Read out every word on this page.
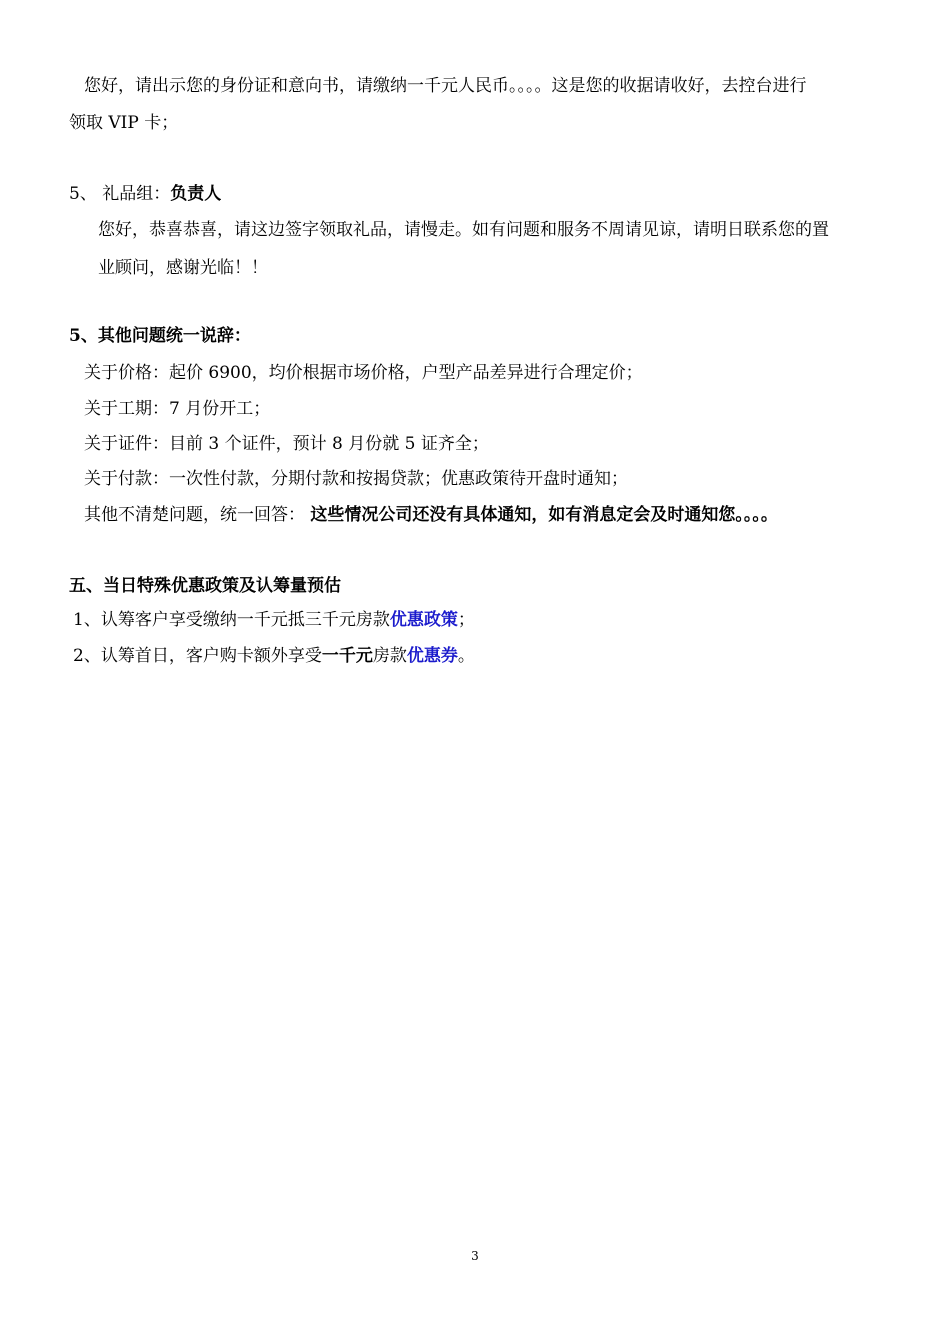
您好，请出示您的身份证和意向书，请缴纳一千元人民币。。。。这是您的收据请收好，去控台进行
领取 VIP 卡；
5、 礼品组：负责人
您好，恭喜恭喜，请这边签字领取礼品，请慢走。如有问题和服务不周请见谅，请明日联系您的置
业顾问，感谢光临！！
5、其他问题统一说辞：
关于价格：起价 6900，均价根据市场价格，户型产品差异进行合理定价；
关于工期：7 月份开工；
关于证件：目前 3 个证件，预计 8 月份就 5 证齐全；
关于付款：一次性付款，分期付款和按揭贷款；优惠政策待开盘时通知；
其他不清楚问题，统一回答： 这些情况公司还没有具体通知，如有消息定会及时通知您。。。。
五、当日特殊优惠政策及认筹量预估
1、认筹客户享受缴纳一千元抵三千元房款优惠政策；
2、认筹首日，客户购卡额外享受一千元房款优惠券。
3
